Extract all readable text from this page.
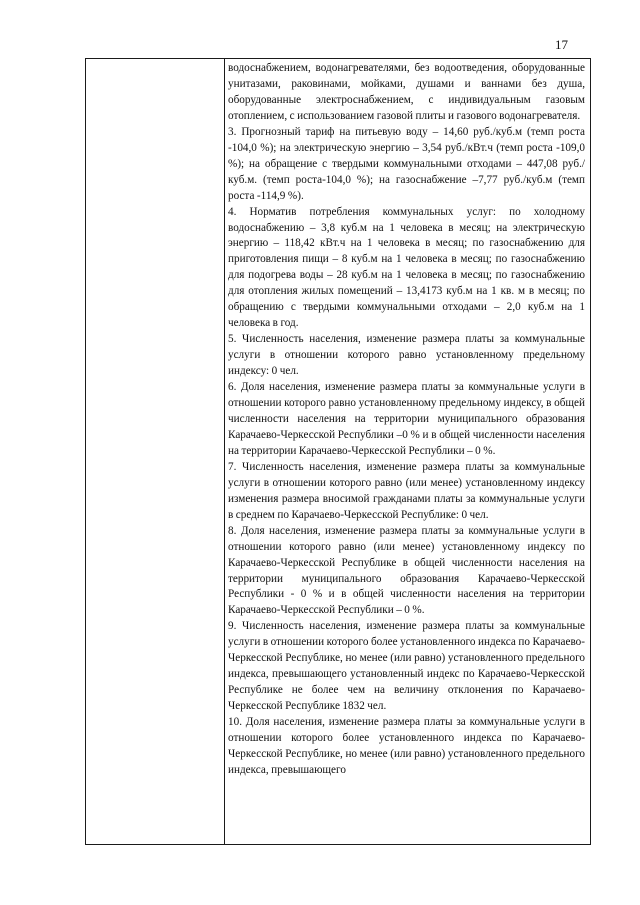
17

водоснабжением, водонагревателями, без водоотведения, оборудованные унитазами, раковинами, мойками, душами и ваннами без душа, оборудованные электроснабжением, с индивидуальным газовым отоплением, с использованием газовой плиты и газового водонагревателя.

3. Прогнозный тариф на питьевую воду – 14,60 руб./куб.м (темп роста -104,0 %); на электрическую энергию – 3,54 руб./кВт.ч (темп роста -109,0 %); на обращение с твердыми коммунальными отходами – 447,08 руб./куб.м. (темп роста-104,0 %); на газоснабжение –7,77 руб./куб.м (темп роста -114,9 %).

4. Норматив потребления коммунальных услуг: по холодному водоснабжению – 3,8 куб.м на 1 человека в месяц; на электрическую энергию – 118,42 кВт.ч на 1 человека в месяц; по газоснабжению для приготовления пищи – 8 куб.м на 1 человека в месяц; по газоснабжению для подогрева воды – 28 куб.м на 1 человека в месяц; по газоснабжению для отопления жилых помещений – 13,4173 куб.м на 1 кв. м в месяц; по обращению с твердыми коммунальными отходами – 2,0 куб.м на 1 человека в год.

5. Численность населения, изменение размера платы за коммунальные услуги в отношении которого равно установленному предельному индексу: 0 чел.

6. Доля населения, изменение размера платы за коммунальные услуги в отношении которого равно установленному предельному индексу, в общей численности населения на территории муниципального образования Карачаево-Черкесской Республики –0 % и в общей численности населения на территории Карачаево-Черкесской Республики – 0 %.

7. Численность населения, изменение размера платы за коммунальные услуги в отношении которого равно (или менее) установленному индексу изменения размера вносимой гражданами платы за коммунальные услуги в среднем по Карачаево-Черкесской Республике: 0 чел.

8. Доля населения, изменение размера платы за коммунальные услуги в отношении которого равно (или менее) установленному индексу по Карачаево-Черкесской Республике в общей численности населения на территории муниципального образования Карачаево-Черкесской Республики - 0 % и в общей численности населения на территории Карачаево-Черкесской Республики – 0 %.

9. Численность населения, изменение размера платы за коммунальные услуги в отношении которого более установленного индекса по Карачаево-Черкесской Республике, но менее (или равно) установленного предельного индекса, превышающего установленный индекс по Карачаево-Черкесской Республике не более чем на величину отклонения по Карачаево-Черкесской Республике 1832 чел.

10. Доля населения, изменение размера платы за коммунальные услуги в отношении которого более установленного индекса по Карачаево-Черкесской Республике, но менее (или равно) установленного предельного индекса, превышающего
